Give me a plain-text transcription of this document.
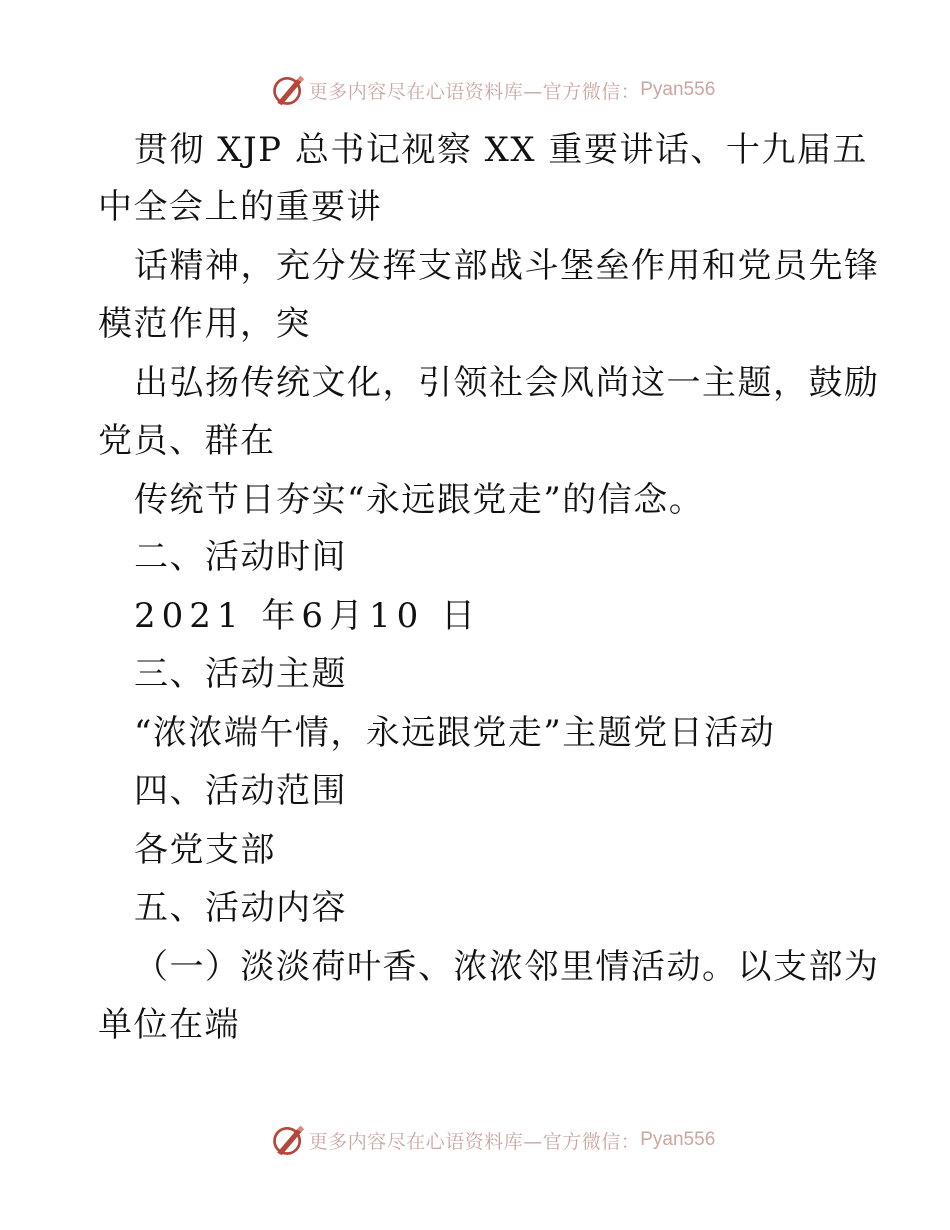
更多内容尽在心语资料库—官方微信： Pyan556
贯彻 XJP 总书记视察 XX 重要讲话、十九届五
中全会上的重要讲
话精神，充分发挥支部战斗堡垒作用和党员先锋
模范作用，突
出弘扬传统文化，引领社会风尚这一主题，鼓励
党员、群在
传统节日夯实“永远跟党走”的信念。
二、活动时间
2021 年6月10 日
三、活动主题
“浓浓端午情，永远跟党走”主题党日活动
四、活动范围
各党支部
五、活动内容
（一）淡淡荷叶香、浓浓邻里情活动。以支部为
单位在端
更多内容尽在心语资料库—官方微信： Pyan556
